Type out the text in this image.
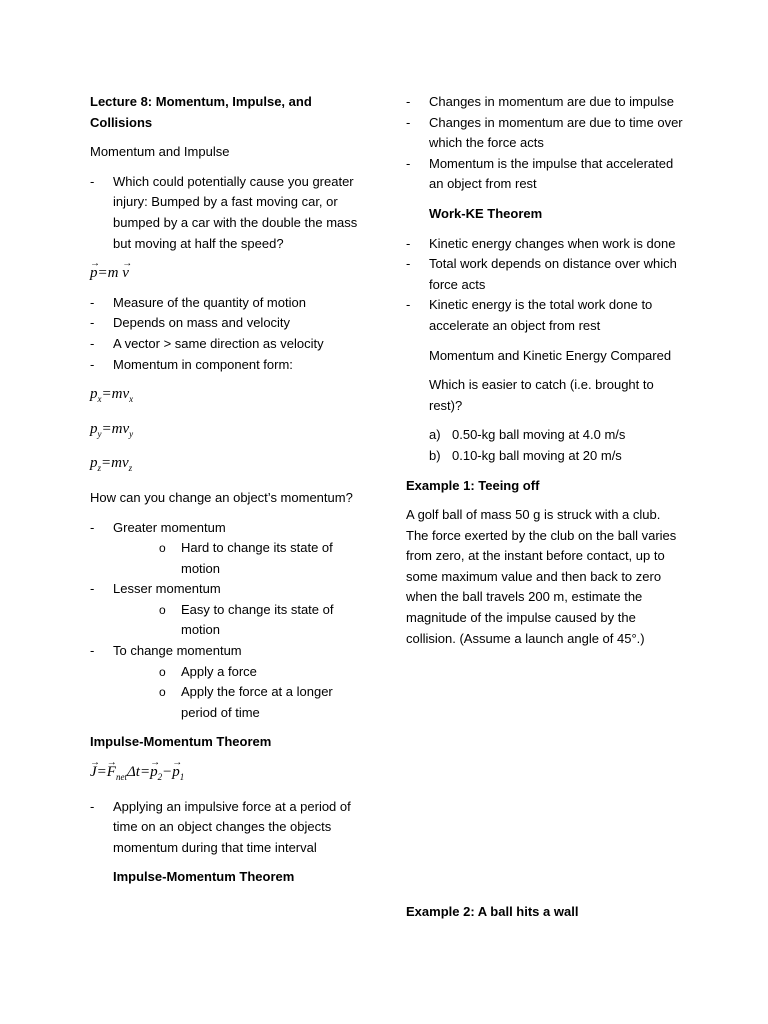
Lecture 8: Momentum, Impulse, and Collisions

Momentum and Impulse

- Which could potentially cause you greater injury: Bumped by a fast moving car, or bumped by a car with the double the mass but moving at half the speed?

p →=m v →

- Measure of the quantity of motion

- Depends on mass and velocity

- A vector > same direction as velocity

- Momentum in component form:

$p_x=mv_x$

$p_y=mv_y$

$p_z=mv_z$

How can you change an object’s momentum?

- Greater momentum

o Hard to change its state of motion

- Lesser momentum

o Easy to change its state of motion

- To change momentum

o Apply a force

o Apply the force at a longer period of time

Impulse-Momentum Theorem

$J \to=F \to_{net}\Delta t=p \to_2-p \to_1$

- Applying an impulsive force at a period of time on an object changes the objects momentum during that time interval

Impulse-Momentum Theorem

- Changes in momentum are due to impulse

- Changes in momentum are due to time over which the force acts

- Momentum is the impulse that accelerated an object from rest

Work-KE Theorem

- Kinetic energy changes when work is done

- Total work depends on distance over which force acts

- Kinetic energy is the total work done to accelerate an object from rest

Momentum and Kinetic Energy Compared

Which is easier to catch (i.e. brought to rest)?

a) 0.50-kg ball moving at 4.0 m/s

b) 0.10-kg ball moving at 20 m/s

Example 1: Teeing off

A golf ball of mass 50 g is struck with a club. The force exerted by the club on the ball varies from zero, at the instant before contact, up to some maximum value and then back to zero when the ball travels 200 m, estimate the magnitude of the impulse caused by the collision. (Assume a launch angle of 45°.)

Example 2: A ball hits a wall
